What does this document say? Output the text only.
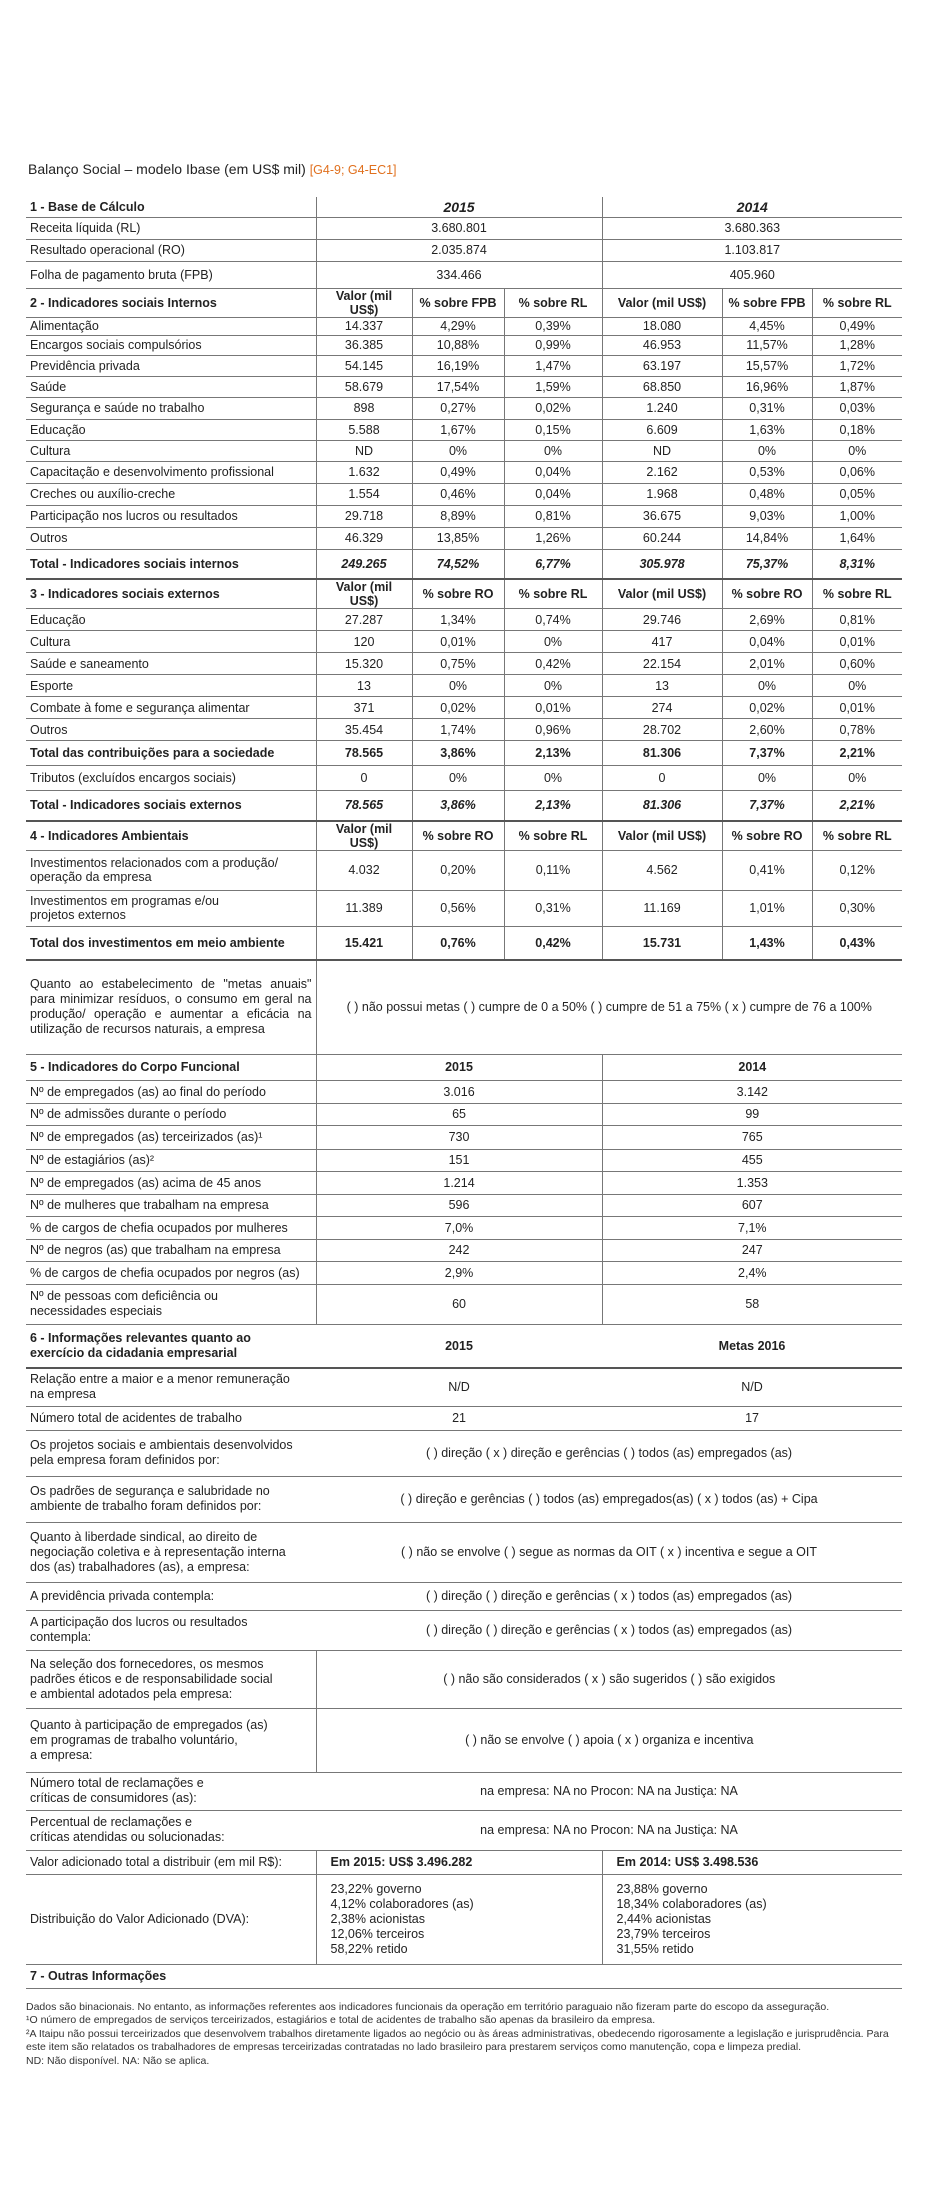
Balanço Social – modelo Ibase (em US$ mil) [G4-9; G4-EC1]
1 - Base de Cálculo	2015			2014		
Receita líquida (RL)	3.680.801			3.680.363		
Resultado operacional (RO)	2.035.874			1.103.817		
Folha de pagamento bruta (FPB)	334.466			405.960		
2 - Indicadores sociais Internos	Valor (mil US$)	% sobre FPB	% sobre RL	Valor (mil US$)	% sobre FPB	% sobre RL
Alimentação	14.337	4,29%	0,39%	18.080	4,45%	0,49%
Encargos sociais compulsórios	36.385	10,88%	0,99%	46.953	11,57%	1,28%
Previdência privada	54.145	16,19%	1,47%	63.197	15,57%	1,72%
Saúde	58.679	17,54%	1,59%	68.850	16,96%	1,87%
Segurança e saúde no trabalho	898	0,27%	0,02%	1.240	0,31%	0,03%
Educação	5.588	1,67%	0,15%	6.609	1,63%	0,18%
Cultura	ND	0%	0%	ND	0%	0%
Capacitação e desenvolvimento profissional	1.632	0,49%	0,04%	2.162	0,53%	0,06%
Creches ou auxílio-creche	1.554	0,46%	0,04%	1.968	0,48%	0,05%
Participação nos lucros ou resultados	29.718	8,89%	0,81%	36.675	9,03%	1,00%
Outros	46.329	13,85%	1,26%	60.244	14,84%	1,64%
Total - Indicadores sociais internos	249.265	74,52%	6,77%	305.978	75,37%	8,31%
3 - Indicadores sociais externos	Valor (mil US$)	% sobre RO	% sobre RL	Valor (mil US$)	% sobre RO	% sobre RL
Educação	27.287	1,34%	0,74%	29.746	2,69%	0,81%
Cultura	120	0,01%	0%	417	0,04%	0,01%
Saúde e saneamento	15.320	0,75%	0,42%	22.154	2,01%	0,60%
Esporte	13	0%	0%	13	0%	0%
Combate à fome e segurança alimentar	371	0,02%	0,01%	274	0,02%	0,01%
Outros	35.454	1,74%	0,96%	28.702	2,60%	0,78%
Total das contribuições para a sociedade	78.565	3,86%	2,13%	81.306	7,37%	2,21%
Tributos (excluídos encargos sociais)	0	0%	0%	0	0%	0%
Total - Indicadores sociais externos	78.565	3,86%	2,13%	81.306	7,37%	2,21%
4 - Indicadores Ambientais	Valor (mil US$)	% sobre RO	% sobre RL	Valor (mil US$)	% sobre RO	% sobre RL
Investimentos relacionados com a produção/
operação da empresa	4.032	0,20%	0,11%	4.562	0,41%	0,12%
Investimentos em programas e/ou
projetos externos	11.389	0,56%	0,31%	11.169	1,01%	0,30%
Total dos investimentos em meio ambiente	15.421	0,76%	0,42%	15.731	1,43%	0,43%
Quanto ao estabelecimento de "metas anuais" para minimizar resíduos, o consumo em geral na produção/ operação e aumentar a eficácia na utilização de recursos naturais, a empresa	( ) não possui metas ( ) cumpre de 0 a 50% ( ) cumpre de 51 a 75% ( x ) cumpre de 76 a 100%					
5 - Indicadores do Corpo Funcional	2015			2014		
Nº de empregados (as) ao final do período	3.016			3.142		
Nº de admissões durante o período	65			99		
Nº de empregados (as) terceirizados (as)¹	730			765		
Nº de estagiários (as)²	151			455		
Nº de empregados (as) acima de 45 anos	1.214			1.353		
Nº de mulheres que trabalham na empresa	596			607		
% de cargos de chefia ocupados por mulheres	7,0%			7,1%		
Nº de negros (as) que trabalham na empresa	242			247		
% de cargos de chefia ocupados por negros (as)	2,9%			2,4%		
Nº de pessoas com deficiência ou
necessidades especiais	60			58		
6 - Informações relevantes quanto ao
exercício da cidadania empresarial	2015			Metas 2016		
Relação entre a maior e a menor remuneração
na empresa	N/D			N/D		
Número total de acidentes de trabalho	21			17		
Os projetos sociais e ambientais desenvolvidos
pela empresa foram definidos por:	( ) direção ( x ) direção e gerências ( ) todos (as) empregados (as)					
Os padrões de segurança e salubridade no
ambiente de trabalho foram definidos por:	( ) direção e gerências ( ) todos (as) empregados(as) ( x ) todos (as) + Cipa					
Quanto à liberdade sindical, ao direito de
negociação coletiva e à representação interna
dos (as) trabalhadores (as), a empresa:	( ) não se envolve ( ) segue as normas da OIT ( x ) incentiva e segue a OIT					
A previdência privada contempla:	( ) direção ( ) direção e gerências ( x ) todos (as) empregados (as)					
A participação dos lucros ou resultados
contempla:	( ) direção ( ) direção e gerências ( x ) todos (as) empregados (as)					
Na seleção dos fornecedores, os mesmos
padrões éticos e de responsabilidade social
e ambiental adotados pela empresa:	( ) não são considerados ( x ) são sugeridos ( ) são exigidos					
Quanto à participação de empregados (as)
em programas de trabalho voluntário,
a empresa:	( ) não se envolve ( ) apoia ( x ) organiza e incentiva					
Número total de reclamações e
críticas de consumidores (as):	na empresa: NA no Procon: NA na Justiça: NA					
Percentual de reclamações e
críticas atendidas ou solucionadas:	na empresa: NA no Procon: NA na Justiça: NA					
Valor adicionado total a distribuir (em mil R$):	Em 2015: US$ 3.496.282			Em 2014: US$ 3.498.536		
Distribuição do Valor Adicionado (DVA):	23,22% governo
4,12% colaboradores (as)
2,38% acionistas
12,06% terceiros
58,22% retido			23,88% governo
18,34% colaboradores (as)
2,44% acionistas
23,79% terceiros
31,55% retido		
7 - Outras Informações						
Dados são binacionais. No entanto, as informações referentes aos indicadores funcionais da operação em território paraguaio não fizeram parte do escopo da asseguração.
¹O número de empregados de serviços terceirizados, estagiários e total de acidentes de trabalho são apenas da brasileiro da empresa.
²A Itaipu não possui terceirizados que desenvolvem trabalhos diretamente ligados ao negócio ou às áreas administrativas, obedecendo rigorosamente a legislação e jurisprudência. Para este item são relatados os trabalhadores de empresas terceirizadas contratadas no lado brasileiro para prestarem serviços como manutenção, copa e limpeza predial.
ND: Não disponível. NA: Não se aplica.
